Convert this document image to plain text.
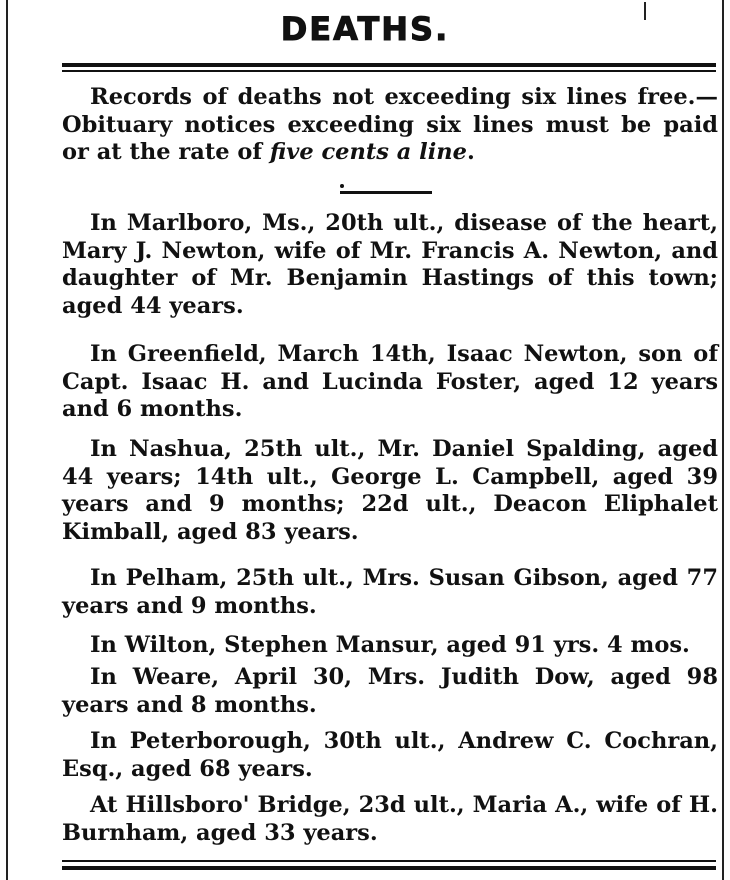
DEATHS.

Records of deaths not exceeding six lines free.—Obituary notices exceeding six lines must be paid or at the rate of five cents a line.

In Marlboro, Ms., 20th ult., disease of the heart, Mary J. Newton, wife of Mr. Francis A. Newton, and daughter of Mr. Benjamin Hastings of this town; aged 44 years.

In Greenfield, March 14th, Isaac Newton, son of Capt. Isaac H. and Lucinda Foster, aged 12 years and 6 months.

In Nashua, 25th ult., Mr. Daniel Spalding, aged 44 years; 14th ult., George L. Campbell, aged 39 years and 9 months; 22d ult., Deacon Eliphalet Kimball, aged 83 years.

In Pelham, 25th ult., Mrs. Susan Gibson, aged 77 years and 9 months.

In Wilton, Stephen Mansur, aged 91 yrs. 4 mos.

In Weare, April 30, Mrs. Judith Dow, aged 98 years and 8 months.

In Peterborough, 30th ult., Andrew C. Cochran, Esq., aged 68 years.

At Hillsboro' Bridge, 23d ult., Maria A., wife of H. Burnham, aged 33 years.
